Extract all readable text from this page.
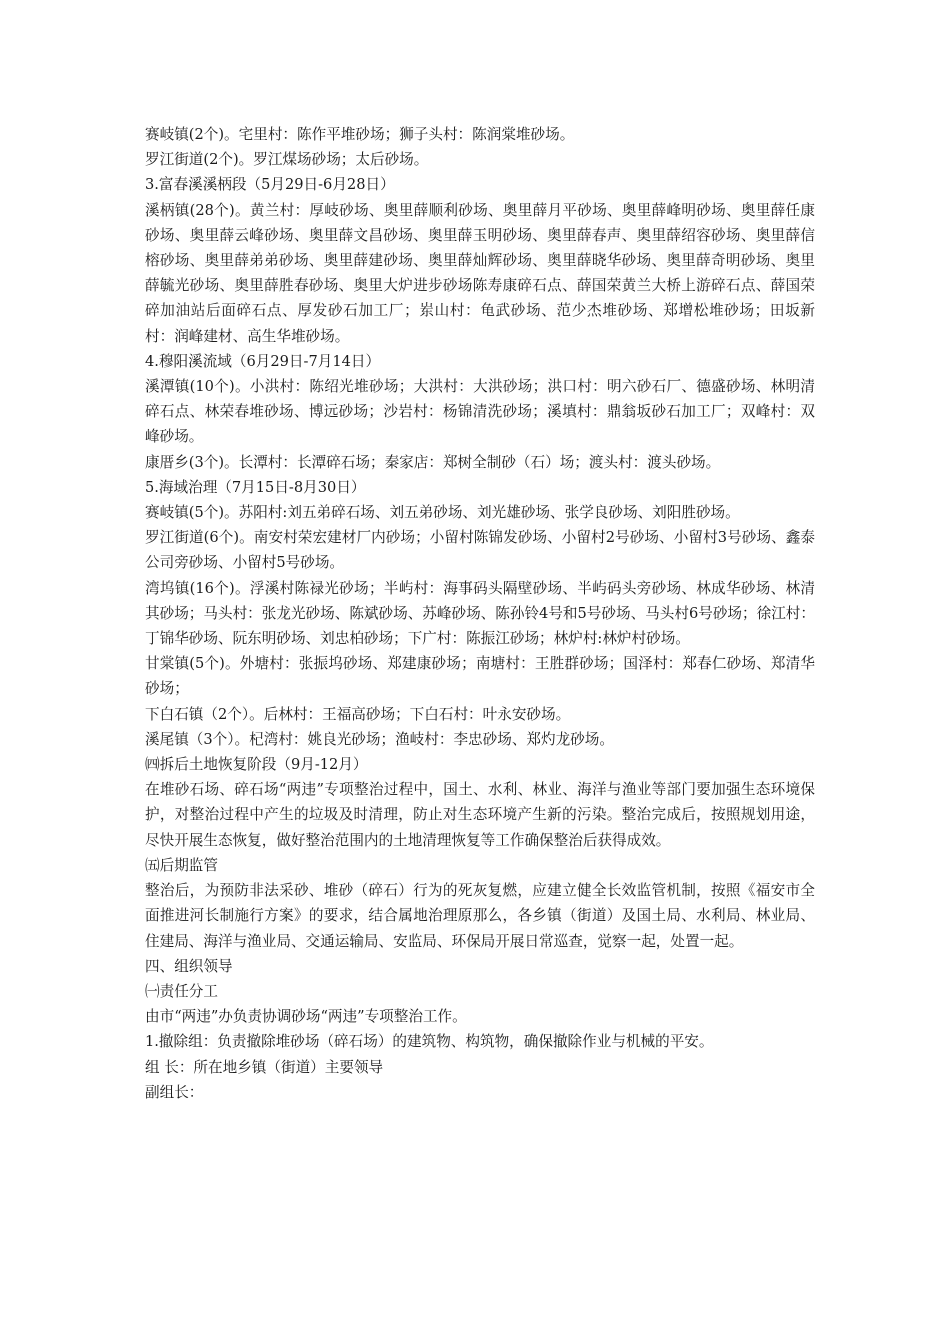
赛岐镇(2个)。宅里村：陈作平堆砂场；狮子头村：陈润棠堆砂场。

罗江街道(2个)。罗江煤场砂场；太后砂场。

3.富春溪溪柄段（5月29日-6月28日）

溪柄镇(28个)。黄兰村：厚岐砂场、奥里薛顺利砂场、奥里薛月平砂场、奥里薛峰明砂场、奥里薛任康砂场、奥里薛云峰砂场、奥里薛文昌砂场、奥里薛玉明砂场、奥里薛春声、奥里薛绍容砂场、奥里薛信榕砂场、奥里薛弟弟砂场、奥里薛建砂场、奥里薛灿辉砂场、奥里薛晓华砂场、奥里薛奇明砂场、奥里薛毓光砂场、奥里薛胜春砂场、奥里大炉进步砂场陈寿康碎石点、薛国荣黄兰大桥上游碎石点、薛国荣碎加油站后面碎石点、厚发砂石加工厂；岽山村：龟武砂场、范少杰堆砂场、郑增松堆砂场；田坂新村：润峰建材、高生华堆砂场。

4.穆阳溪流域（6月29日-7月14日）

溪潭镇(10个)。小洪村：陈绍光堆砂场；大洪村：大洪砂场；洪口村：明六砂石厂、德盛砂场、林明清碎石点、林荣春堆砂场、博远砂场；沙岩村：杨锦清洗砂场；溪填村：鼎翁坂砂石加工厂；双峰村：双峰砂场。

康厝乡(3个)。长潭村：长潭碎石场；秦家店：郑树全制砂（石）场；渡头村：渡头砂场。

5.海域治理（7月15日-8月30日）

赛岐镇(5个)。苏阳村:刘五弟碎石场、刘五弟砂场、刘光雄砂场、张学良砂场、刘阳胜砂场。

罗江街道(6个)。南安村荣宏建材厂内砂场；小留村陈锦发砂场、小留村2号砂场、小留村3号砂场、鑫泰公司旁砂场、小留村5号砂场。

湾坞镇(16个)。浮溪村陈禄光砂场；半屿村：海事码头隔壁砂场、半屿码头旁砂场、林成华砂场、林清其砂场；马头村：张龙光砂场、陈斌砂场、苏峰砂场、陈孙铃4号和5号砂场、马头村6号砂场；徐江村：丁锦华砂场、阮东明砂场、刘忠柏砂场；下广村：陈振江砂场；林炉村:林炉村砂场。

甘棠镇(5个)。外塘村：张振坞砂场、郑建康砂场；南塘村：王胜群砂场；国泽村：郑春仁砂场、郑清华砂场；

下白石镇（2个）。后林村：王福高砂场；下白石村：叶永安砂场。

溪尾镇（3个）。杞湾村：姚良光砂场；渔岐村：李忠砂场、郑灼龙砂场。

㈣拆后土地恢复阶段（9月-12月）

在堆砂石场、碎石场“两违”专项整治过程中，国土、水利、林业、海洋与渔业等部门要加强生态环境保护，对整治过程中产生的垃圾及时清理，防止对生态环境产生新的污染。整治完成后，按照规划用途，尽快开展生态恢复，做好整治范围内的土地清理恢复等工作确保整治后获得成效。

㈤后期监管

整治后，为预防非法采砂、堆砂（碎石）行为的死灰复燃，应建立健全长效监管机制，按照《福安市全面推进河长制施行方案》的要求，结合属地治理原那么，各乡镇（街道）及国土局、水利局、林业局、住建局、海洋与渔业局、交通运输局、安监局、环保局开展日常巡查，觉察一起，处置一起。

四、组织领导

㈠责任分工

由市“两违”办负责协调砂场“两违”专项整治工作。

1.撤除组：负责撤除堆砂场（碎石场）的建筑物、构筑物，确保撤除作业与机械的平安。

组 长：所在地乡镇（街道）主要领导

副组长：
